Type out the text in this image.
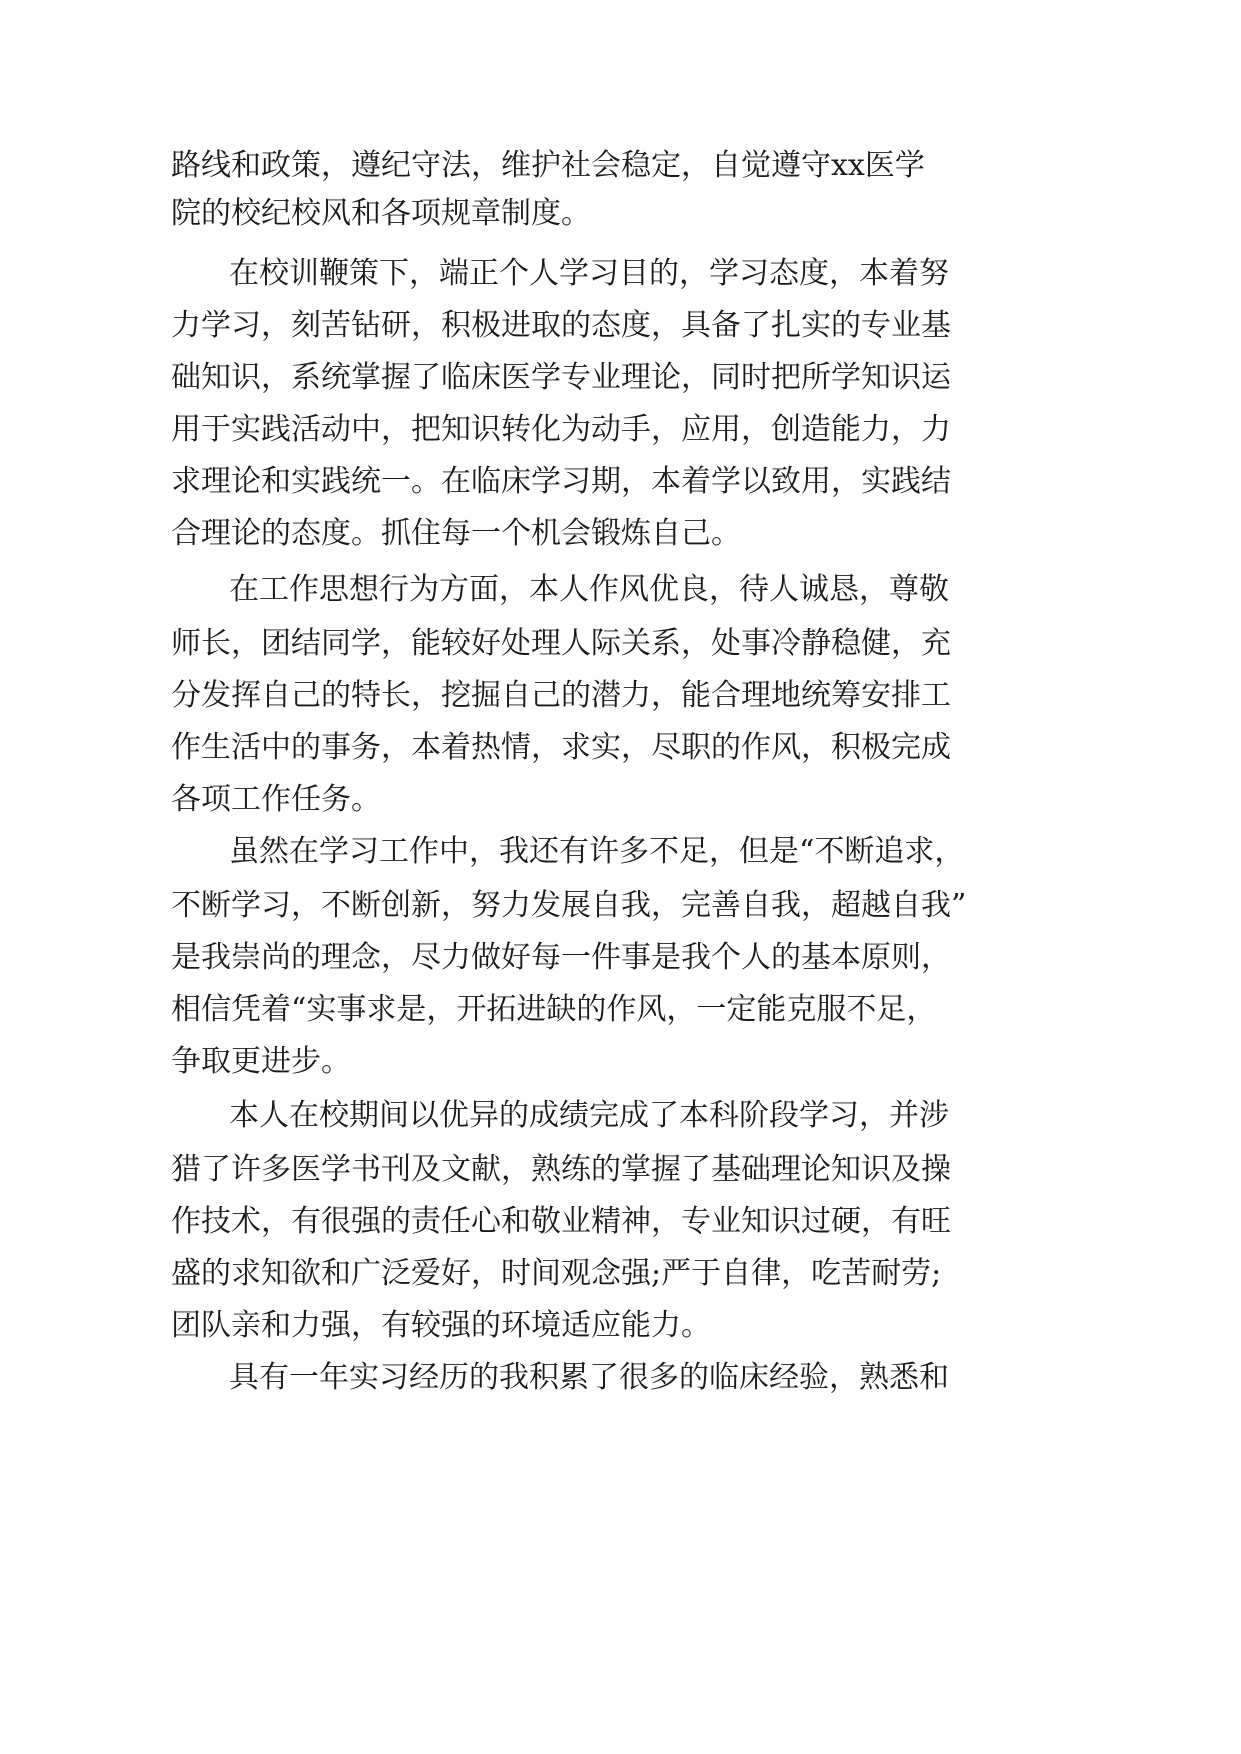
路线和政策，遵纪守法，维护社会稳定，自觉遵守xx医学
院的校纪校风和各项规章制度。
在校训鞭策下，端正个人学习目的，学习态度，本着努
力学习，刻苦钻研，积极进取的态度，具备了扎实的专业基
础知识，系统掌握了临床医学专业理论，同时把所学知识运
用于实践活动中，把知识转化为动手，应用，创造能力，力
求理论和实践统一。在临床学习期，本着学以致用，实践结
合理论的态度。抓住每一个机会锻炼自己。
在工作思想行为方面，本人作风优良，待人诚恳，尊敬
师长，团结同学，能较好处理人际关系，处事冷静稳健，充
分发挥自己的特长，挖掘自己的潜力，能合理地统筹安排工
作生活中的事务，本着热情，求实，尽职的作风，积极完成
各项工作任务。
虽然在学习工作中，我还有许多不足，但是“不断追求，
不断学习，不断创新，努力发展自我，完善自我，超越自我”
是我崇尚的理念，尽力做好每一件事是我个人的基本原则，
相信凭着“实事求是，开拓进缺的作风，一定能克服不足，
争取更进步。
本人在校期间以优异的成绩完成了本科阶段学习，并涉
猎了许多医学书刊及文献，熟练的掌握了基础理论知识及操
作技术，有很强的责任心和敬业精神，专业知识过硬，有旺
盛的求知欲和广泛爱好，时间观念强;严于自律，吃苦耐劳;
团队亲和力强，有较强的环境适应能力。
具有一年实习经历的我积累了很多的临床经验，熟悉和
